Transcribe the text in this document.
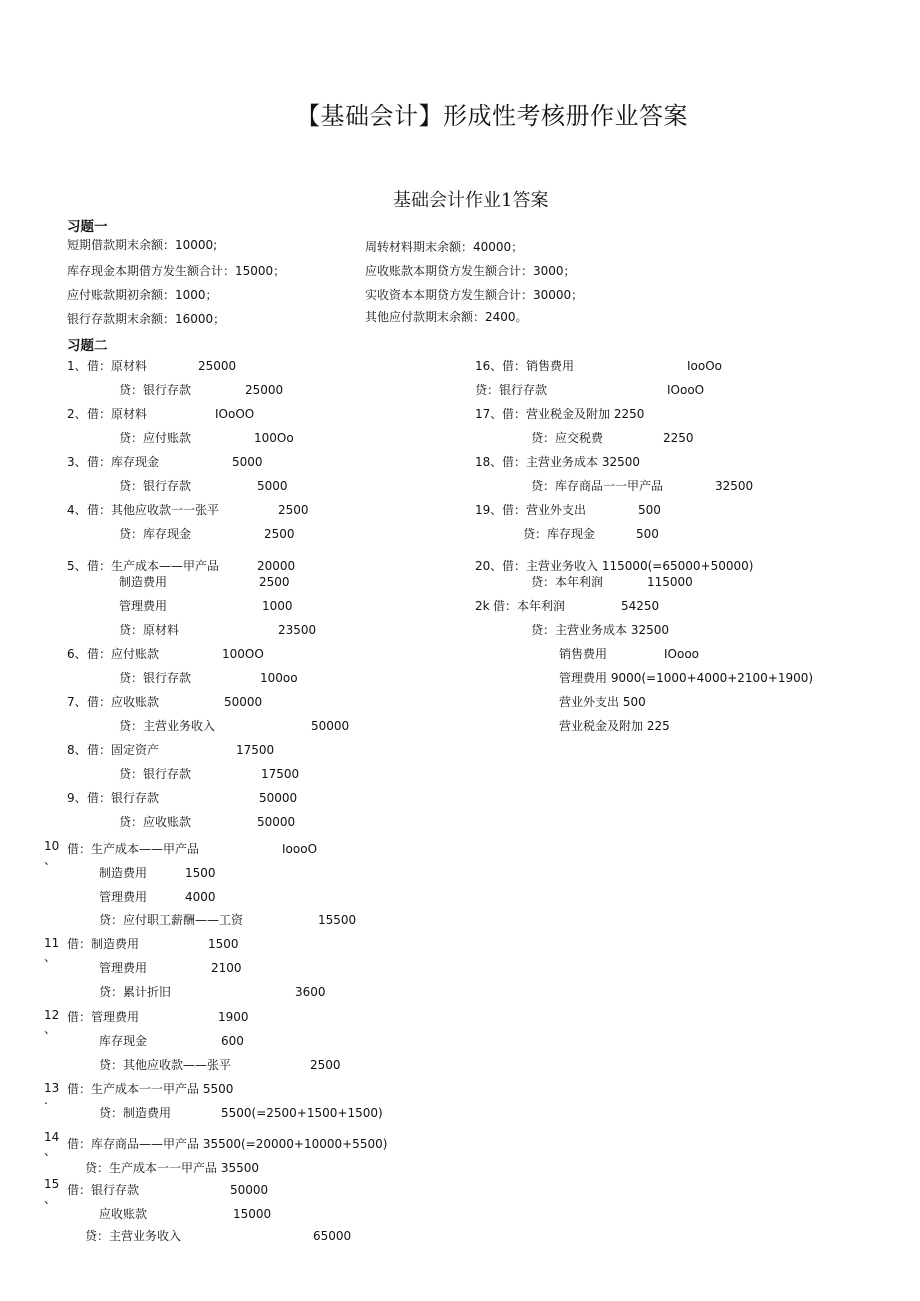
【基础会计】形成性考核册作业答案
基础会计作业1答案
习题一
短期借款期末余额：10000;
库存现金本期借方发生额合计：15000；
应付账款期初余额：1000；
银行存款期末余额：16000；
周转材料期末余额：40000；
应收账款本期贷方发生额合计：3000；
实收资本本期贷方发生额合计：30000；
其他应付款期末余额：2400。
习题二
1、 借：原材料	25000
贷：银行存款	25000
2、 借：原材料	IOoOO
贷：应付账款	100Oo
3、 借：库存现金	5000
贷：银行存款	5000
4、 借：其他应收款一一张平	2500
贷：库存现金	2500
5、 借：生产成本——甲产品	20000
制造费用	2500
管理费用	1000
贷：原材料	23500
6、 借：应付账款	100OO
贷：银行存款	100oo
7、 借：应收账款	50000
贷：主营业务收入	50000
8、 借：固定资产	17500
贷：银行存款	17500
9、 借：银行存款	50000
贷：应收账款	50000
10
、
借：生产成本——甲产品	IoooO
制造费用	1500
管理费用	4000
贷：应付职工薪酬——工资	15500
11
、
借：制造费用	1500
管理费用	2100
贷：累计折旧	3600
12
、
借：管理费用	1900
库存现金	600
贷：其他应收款——张平	2500
13
.
借：生产成本一一甲产品 5500
贷：制造费用	5500(=2500+1500+1500)
14
、 借：库存商品——甲产品 35500(=20000+10000+5500)
贷：生产成本一一甲产品 35500
15
、
借：银行存款	50000
应收账款	15000
贷：主营业务收入	65000
16、 借：销售费用	IooOo
贷：银行存款	IOooO
17、 借：营业税金及附加 2250
贷：应交税费	2250
18、 借：主营业务成本 32500
贷：库存商品一一甲产品	32500
19、 借：营业外支出	500
贷：库存现金	500
20、 借：主营业务收入 115000(=65000+50000)
贷：本年利润	115000
2k 借：本年利润	54250
贷：主营业务成本 32500
销售费用	IOooo
管理费用 9000(=1000+4000+2100+1900)
营业外支出 500
营业税金及附加 225
